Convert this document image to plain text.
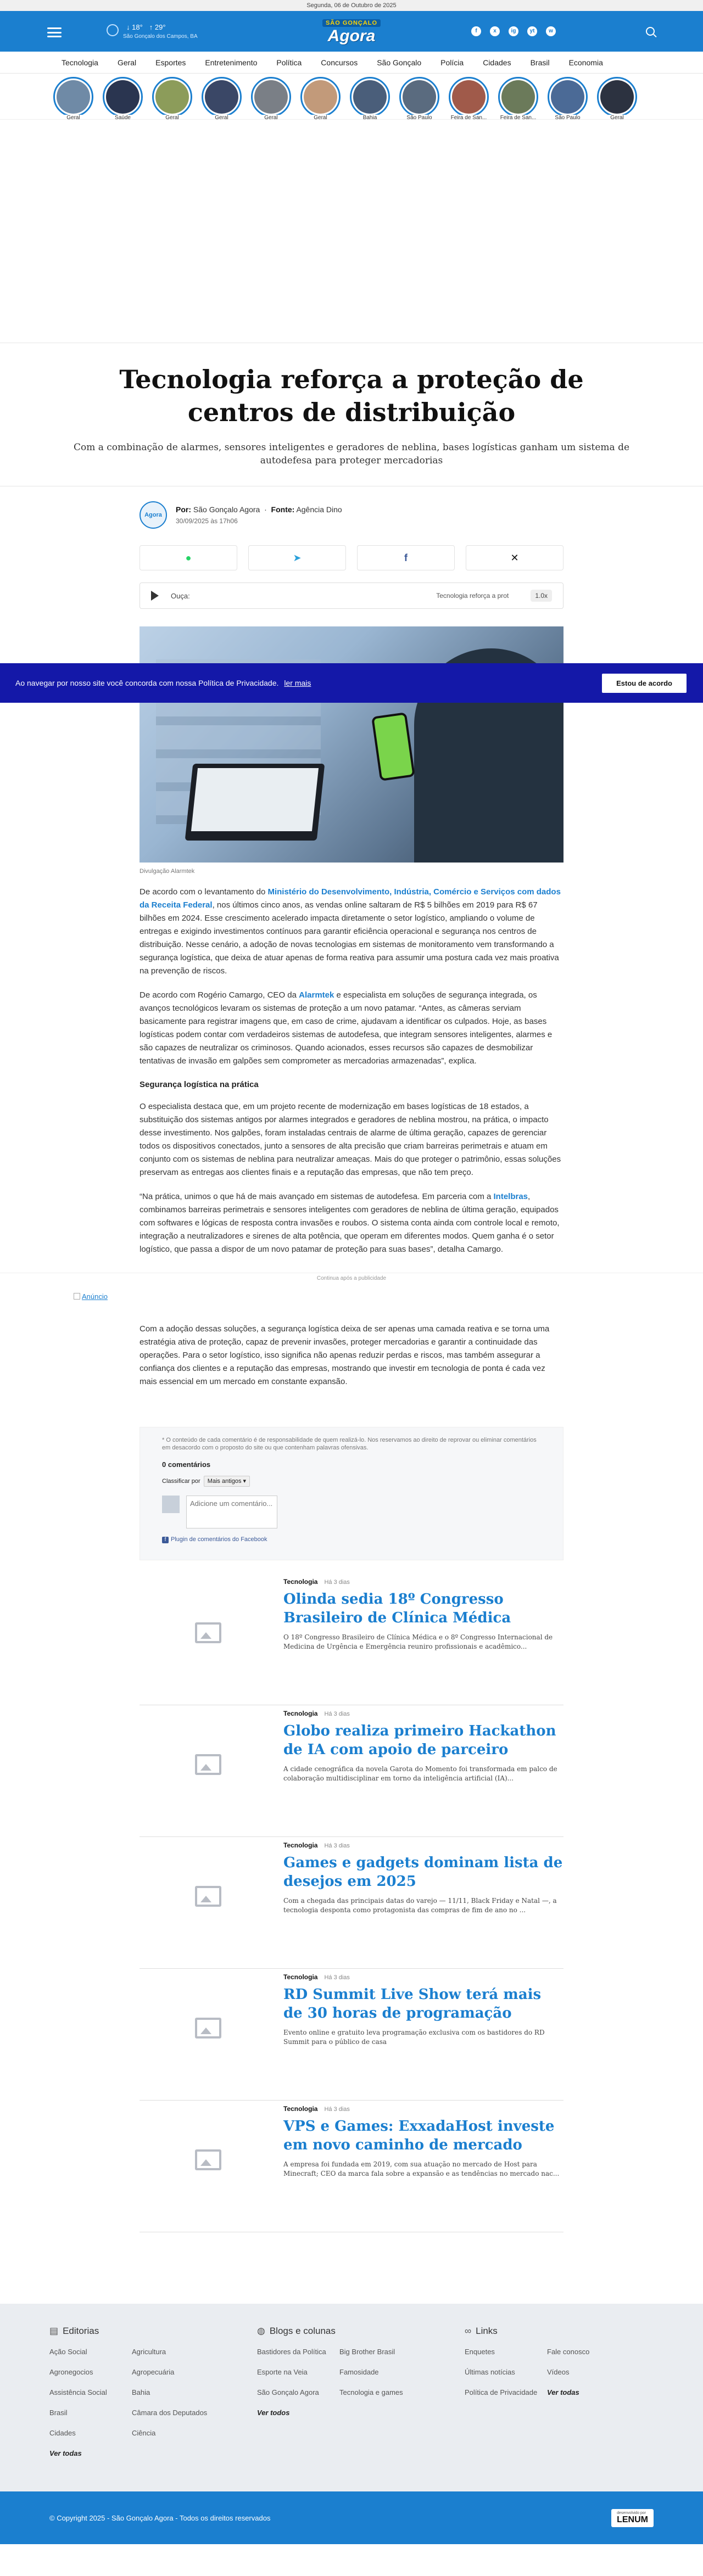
Segunda, 06 de Outubro de 2025
↓ 18° ↑ 29°
São Gonçalo dos Campos, BA
SÃO GONÇALO
Agora	f	x	ig	yt	w
Tecnologia	Geral	Esportes	Entretenimento	Política	Concursos	São Gonçalo	Polícia	Cidades	Brasil	Economia
Geral	Saúde	Geral	Geral	Geral	Geral	Bahia	São Paulo	Feira de San...	Feira de San...	São Paulo	Geral
Tecnologia reforça a proteção de centros de distribuição

Com a combinação de alarmes, sensores inteligentes e geradores de neblina, bases logísticas ganham um sistema de autodefesa para proteger mercadorias

Agora
Por: São Gonçalo Agora  ·  Fonte: Agência Dino
30/09/2025 às 17h06
●	➤	f	✕
Ouça:	Tecnologia reforça a prot	1.0x
Divulgação Alarmtek

De acordo com o levantamento do Ministério do Desenvolvimento, Indústria, Comércio e Serviços com dados da Receita Federal, nos últimos cinco anos, as vendas online saltaram de R$ 5 bilhões em 2019 para R$ 67 bilhões em 2024. Esse crescimento acelerado impacta diretamente o setor logístico, ampliando o volume de entregas e exigindo investimentos contínuos para garantir eficiência operacional e segurança nos centros de distribuição. Nesse cenário, a adoção de novas tecnologias em sistemas de monitoramento vem transformando a segurança logística, que deixa de atuar apenas de forma reativa para assumir uma postura cada vez mais proativa na prevenção de riscos.

De acordo com Rogério Camargo, CEO da Alarmtek e especialista em soluções de segurança integrada, os avanços tecnológicos levaram os sistemas de proteção a um novo patamar. “Antes, as câmeras serviam basicamente para registrar imagens que, em caso de crime, ajudavam a identificar os culpados. Hoje, as bases logísticas podem contar com verdadeiros sistemas de autodefesa, que integram sensores inteligentes, alarmes e são capazes de neutralizar os criminosos. Quando acionados, esses recursos são capazes de desmobilizar tentativas de invasão em galpões sem comprometer as mercadorias armazenadas”, explica.

Segurança logística na prática

O especialista destaca que, em um projeto recente de modernização em bases logísticas de 18 estados, a substituição dos sistemas antigos por alarmes integrados e geradores de neblina mostrou, na prática, o impacto desse investimento. Nos galpões, foram instaladas centrais de alarme de última geração, capazes de gerenciar todos os dispositivos conectados, junto a sensores de alta precisão que criam barreiras perimetrais e atuam em conjunto com os sistemas de neblina para neutralizar ameaças. Mais do que proteger o patrimônio, essas soluções preservam as entregas aos clientes finais e a reputação das empresas, que não tem preço.

“Na prática, unimos o que há de mais avançado em sistemas de autodefesa. Em parceria com a Intelbras, combinamos barreiras perimetrais e sensores inteligentes com geradores de neblina de última geração, equipados com softwares e lógicas de resposta contra invasões e roubos. O sistema conta ainda com controle local e remoto, integração a neutralizadores e sirenes de alta potência, que operam em diferentes modos. Quem ganha é o setor logístico, que passa a dispor de um novo patamar de proteção para suas bases”, detalha Camargo.

Continua após a publicidade
Anúncio

Com a adoção dessas soluções, a segurança logística deixa de ser apenas uma camada reativa e se torna uma estratégia ativa de proteção, capaz de prevenir invasões, proteger mercadorias e garantir a continuidade das operações. Para o setor logístico, isso significa não apenas reduzir perdas e riscos, mas também assegurar a confiança dos clientes e a reputação das empresas, mostrando que investir em tecnologia de ponta é cada vez mais essencial em um mercado em constante expansão.

* O conteúdo de cada comentário é de responsabilidade de quem realizá-lo. Nos reservamos ao direito de reprovar ou eliminar comentários em desacordo com o proposto do site ou que contenham palavras ofensivas.
0 comentários
Classificar por Mais antigos ▾
Adicione um comentário...
f Plugin de comentários do Facebook
Tecnologia Há 3 dias
Olinda sedia 18º Congresso Brasileiro de Clínica Médica
O 18º Congresso Brasileiro de Clínica Médica e o 8º Congresso Internacional de Medicina de Urgência e Emergência reuniro profissionais e acadêmico...
Tecnologia Há 3 dias
Globo realiza primeiro Hackathon de IA com apoio de parceiro
A cidade cenográfica da novela Garota do Momento foi transformada em palco de colaboração multidisciplinar em torno da inteligência artificial (IA)...
Tecnologia Há 3 dias
Games e gadgets dominam lista de desejos em 2025
Com a chegada das principais datas do varejo — 11/11, Black Friday e Natal —, a tecnologia desponta como protagonista das compras de fim de ano no ...
Tecnologia Há 3 dias
RD Summit Live Show terá mais de 30 horas de programação
Evento online e gratuito leva programação exclusiva com os bastidores do RD Summit para o público de casa
Tecnologia Há 3 dias
VPS e Games: ExxadaHost investe em novo caminho de mercado
A empresa foi fundada em 2019, com sua atuação no mercado de Host para Minecraft; CEO da marca fala sobre a expansão e as tendências no mercado nac...
▤ Editorias
Ação Social	Agricultura
Agronegocios	Agropecuária
Assistência Social	Bahia
Brasil	Câmara dos Deputados
Cidades	Ciência
Ver todas
◍ Blogs e colunas
Bastidores da Política	Big Brother Brasil
Esporte na Veia	Famosidade
São Gonçalo Agora	Tecnologia e games
Ver todos
∞ Links
Enquetes	Fale conosco
Últimas notícias	Vídeos
Política de Privacidade	Ver todas
© Copyright 2025 - São Gonçalo Agora - Todos os direitos reservados
desenvolvido por
LENUM

Ao navegar por nosso site você concorda com nossa Política de Privacidade. ler mais	Estou de acordo
